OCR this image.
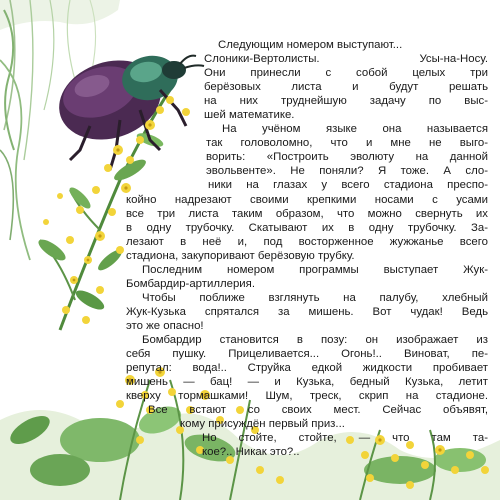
Следующим номером выступают...
Слоники-Вертолисты. Усы-на-Носу.
Они принесли с собой целых три
берёзовых листа и будут решать
на них труднейшую задачу по выс-
шей математике.
На учёном языке она называется
так головоломно, что и мне не выго-
ворить: «Построить эволюту на данной
эвольвенте». Не поняли? Я тоже. А сло-
ники на глазах у всего стадиона преспо-
койно надрезают своими крепкими носами с усами
все три листа таким образом, что можно свернуть их
в одну трубочку. Скатывают их в одну трубочку. За-
лезают в неё и, под восторженное жужжанье всего
стадиона, закупоривают берёзовую трубку.
Последним номером программы выступает Жук-
Бомбардир-артиллерия.
Чтобы поближе взглянуть на палубу, хлебный
Жук-Кузька спрятался за мишень. Вот чудак! Ведь
это же опасно!
Бомбардир становится в позу: он изображает из
себя пушку. Прицеливается... Огонь!.. Виноват, пе-
репутал: вода!.. Струйка едкой жидкости пробивает
мишень — бац! — и Кузька, бедный Кузька, летит
кверху тормашками! Шум, треск, скрип на стадионе.
Все встают со своих мест. Сейчас объявят,
кому присуждён первый приз...
Но стойте, стойте, — что там та-
кое?.. Никак это?..
